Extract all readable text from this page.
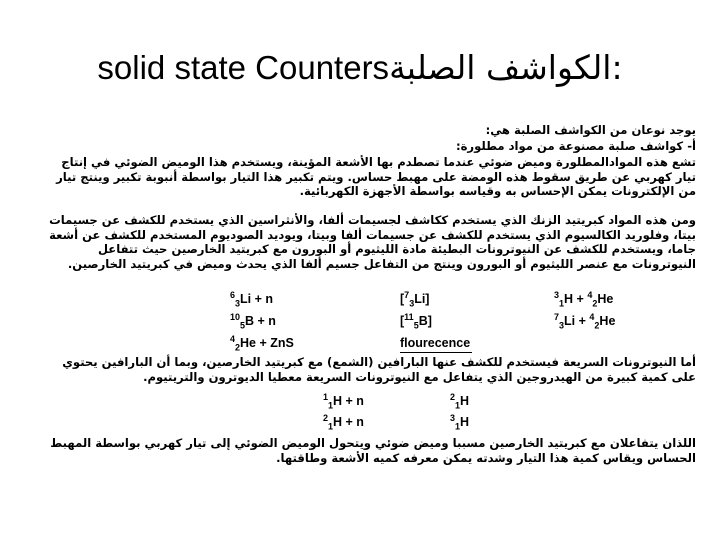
solid state Countersالكواشف الصلبة:
يوجد نوعان من الكواشف الصلبة هي:
أ- كواشف صلبة مصنوعة من مواد مطلورة:
تشع هذه الموادالمطلورة وميض ضوئي عندما تصطدم بها الأشعة المؤينة، ويستخدم هذا الوميض الضوئي في إنتاج تيار كهربي عن طريق سقوط هذه الومضة على مهبط حساس. ويتم تكبير هذا التيار بواسطة أنبوبة تكبير وينتج تيار من الإلكترونات يمكن الإحساس به وقياسه بواسطة الأجهزة الكهربائية.
ومن هذه المواد كبريتيد الزنك الذي يستخدم ككاشف لجسيمات ألفا، والأنثراسين الذي يستخدم للكشف عن جسيمات بيتا، وفلوريد الكالسيوم الذي يستخدم للكشف عن جسيمات ألفا وبيتا، ويوديد الصوديوم المستخدم للكشف عن أشعة جاما، ويستخدم للكشف عن النيوترونات البطيئة مادة الليثيوم أو البورون مع كبريتيد الخارصين حيث تتفاعل النيوترونات مع عنصر الليثيوم أو البورون وينتج من التفاعل جسيم ألفا الذي يحدث وميض في كبريتيد الخارصين.
$^6_3$Li + n	[$^7_3$Li]	$^3_1$H + $^4_2$He
$^{10}_5$B + n	[$^{11}_5$B]	$^7_3$Li + $^4_2$He
$^4_2$He + ZnS	flourecence
أما النيوترونات السريعة فيستخدم للكشف عنها البارافين (الشمع) مع كبريتيد الخارصين، وبما أن البارافين يحتوي على كمية كبيرة من الهيدروجين الذي يتفاعل مع النيوترونات السريعة معطيا الديوترون والتريتيوم.
$^1_1$H + n	$^2_1$H
$^2_1$H + n	$^3_1$H
اللذان يتفاعلان مع كبريتيد الخارصين مسببا وميض ضوئي ويتحول الوميض الضوئي إلى تيار كهربي بواسطة المهبط الحساس ويقاس كمية هذا التيار وشدته يمكن معرفه كميه الأشعة وطاقتها.
